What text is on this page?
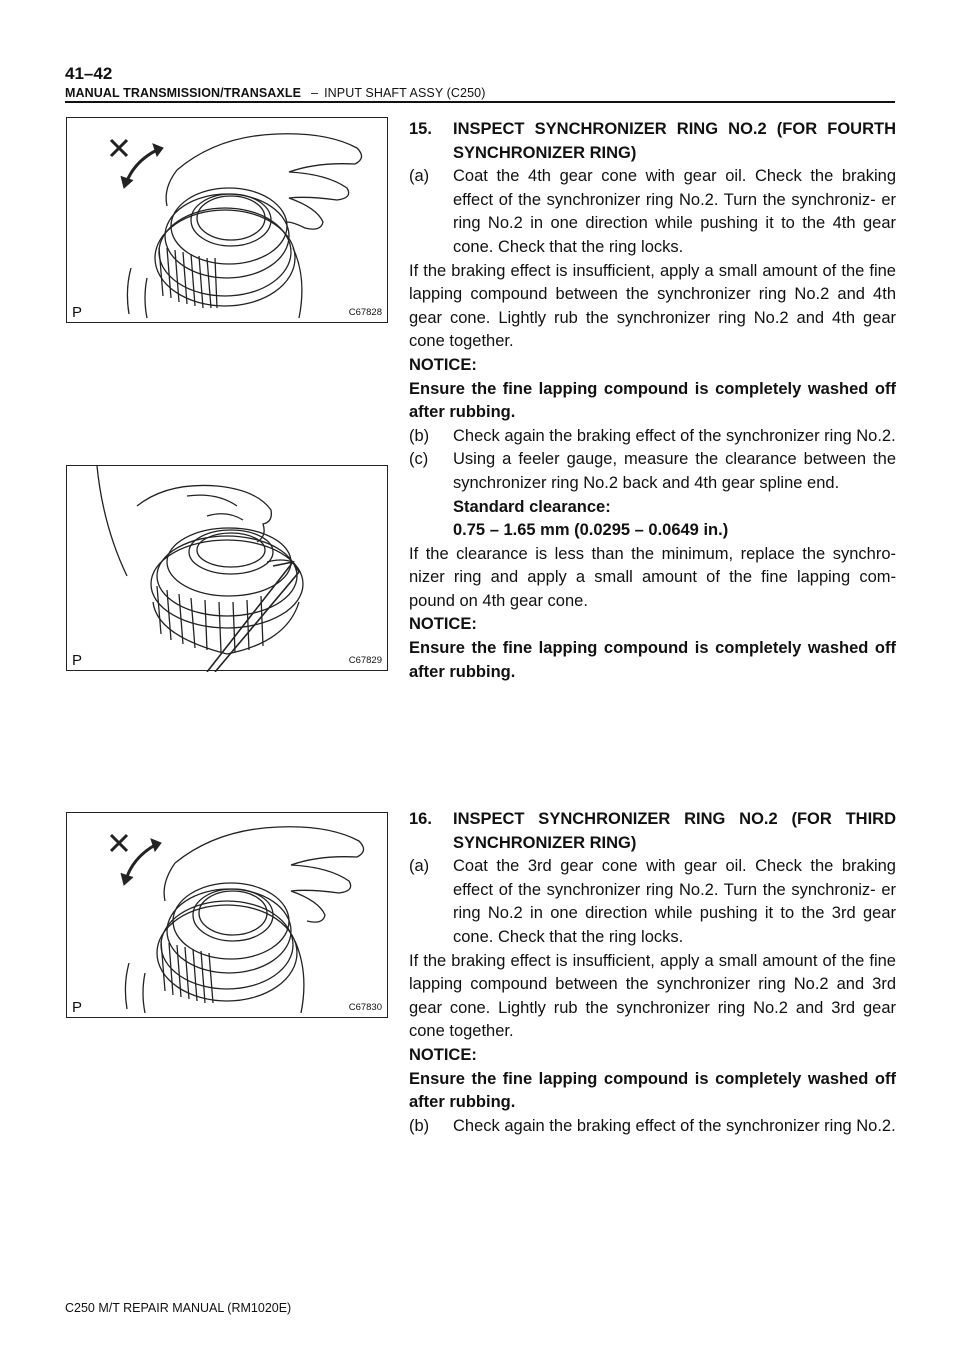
41–42
MANUAL TRANSMISSION/TRANSAXLE – INPUT SHAFT ASSY (C250)
P	C67828
P	C67829
P	C67830

15. INSPECT SYNCHRONIZER RING NO.2 (FOR FOURTH SYNCHRONIZER RING)

(a) Coat the 4th gear cone with gear oil. Check the braking effect of the synchronizer ring No.2. Turn the synchroniz- er ring No.2 in one direction while pushing it to the 4th gear cone. Check that the ring locks.

If the braking effect is insufficient, apply a small amount of the fine lapping compound between the synchronizer ring No.2 and 4th gear cone. Lightly rub the synchronizer ring No.2 and 4th gear cone together.

NOTICE:

Ensure the fine lapping compound is completely washed off after rubbing.

(b) Check again the braking effect of the synchronizer ring No.2.

(c) Using a feeler gauge, measure the clearance between the synchronizer ring No.2 back and 4th gear spline end.

Standard clearance:

0.75 – 1.65 mm (0.0295 – 0.0649 in.)

If the clearance is less than the minimum, replace the synchro- nizer ring and apply a small amount of the fine lapping com- pound on 4th gear cone.

NOTICE:

Ensure the fine lapping compound is completely washed off after rubbing.

16. INSPECT SYNCHRONIZER RING NO.2 (FOR THIRD SYNCHRONIZER RING)

(a) Coat the 3rd gear cone with gear oil. Check the braking effect of the synchronizer ring No.2. Turn the synchroniz- er ring No.2 in one direction while pushing it to the 3rd gear cone. Check that the ring locks.

If the braking effect is insufficient, apply a small amount of the fine lapping compound between the synchronizer ring No.2 and 3rd gear cone. Lightly rub the synchronizer ring No.2 and 3rd gear cone together.

NOTICE:

Ensure the fine lapping compound is completely washed off after rubbing.

(b) Check again the braking effect of the synchronizer ring No.2.

C250 M/T REPAIR MANUAL (RM1020E)
